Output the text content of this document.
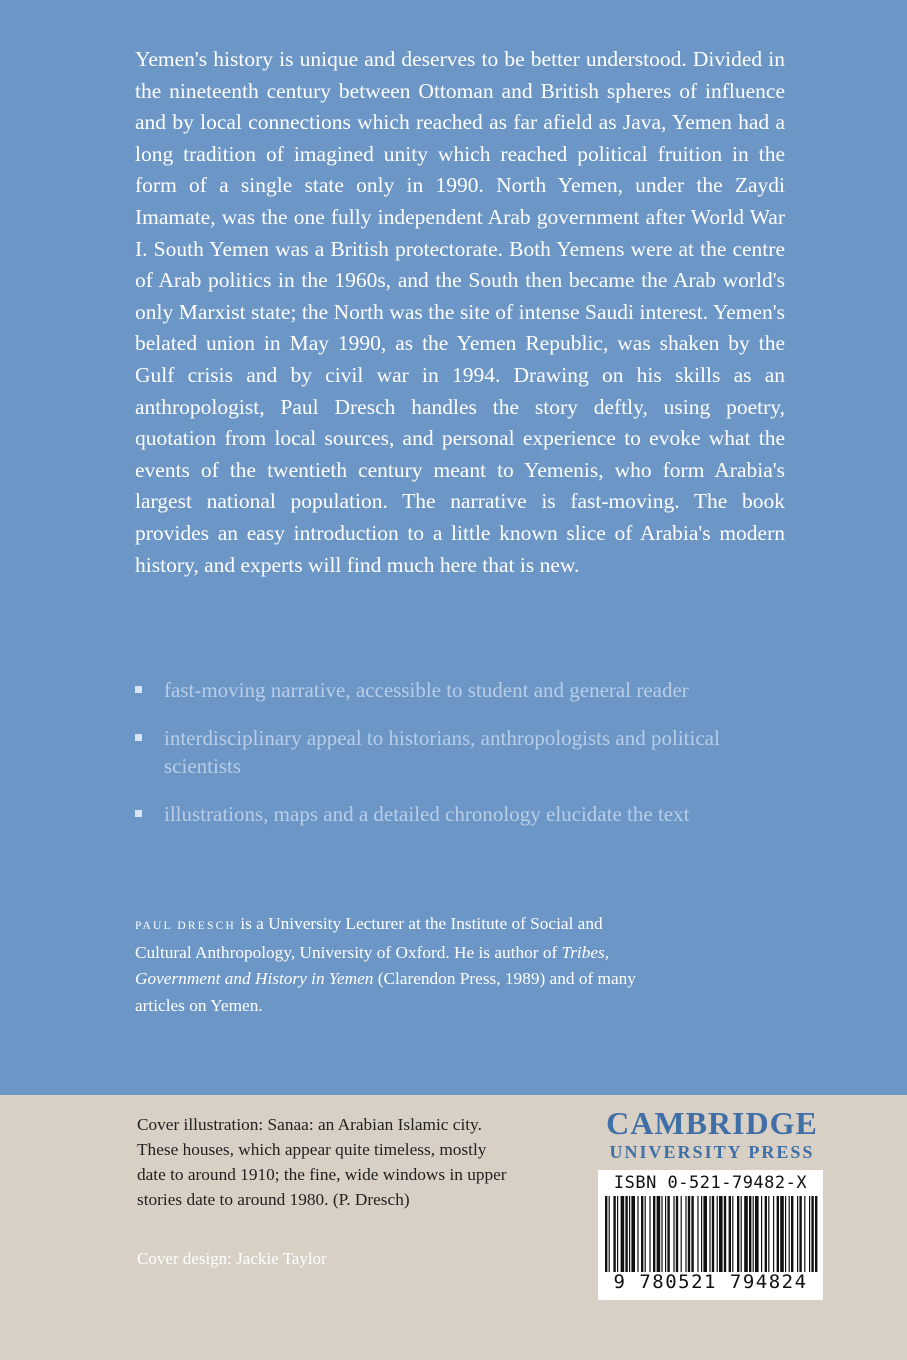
Yemen's history is unique and deserves to be better understood. Divided in the nineteenth century between Ottoman and British spheres of influence and by local connections which reached as far afield as Java, Yemen had a long tradition of imagined unity which reached political fruition in the form of a single state only in 1990. North Yemen, under the Zaydi Imamate, was the one fully independent Arab government after World War I. South Yemen was a British protectorate. Both Yemens were at the centre of Arab politics in the 1960s, and the South then became the Arab world's only Marxist state; the North was the site of intense Saudi interest. Yemen's belated union in May 1990, as the Yemen Republic, was shaken by the Gulf crisis and by civil war in 1994. Drawing on his skills as an anthropologist, Paul Dresch handles the story deftly, using poetry, quotation from local sources, and personal experience to evoke what the events of the twentieth century meant to Yemenis, who form Arabia's largest national population. The narrative is fast-moving. The book provides an easy introduction to a little known slice of Arabia's modern history, and experts will find much here that is new.

fast-moving narrative, accessible to student and general reader
interdisciplinary appeal to historians, anthropologists and political scientists
illustrations, maps and a detailed chronology elucidate the text

PAUL DRESCH is a University Lecturer at the Institute of Social and Cultural Anthropology, University of Oxford. He is author of Tribes, Government and History in Yemen (Clarendon Press, 1989) and of many articles on Yemen.

Cover illustration: Sanaa: an Arabian Islamic city. These houses, which appear quite timeless, mostly date to around 1910; the fine, wide windows in upper stories date to around 1980. (P. Dresch)

Cover design: Jackie Taylor

CAMBRIDGE
UNIVERSITY PRESS
ISBN 0-521-79482-X
9 780521 794824
